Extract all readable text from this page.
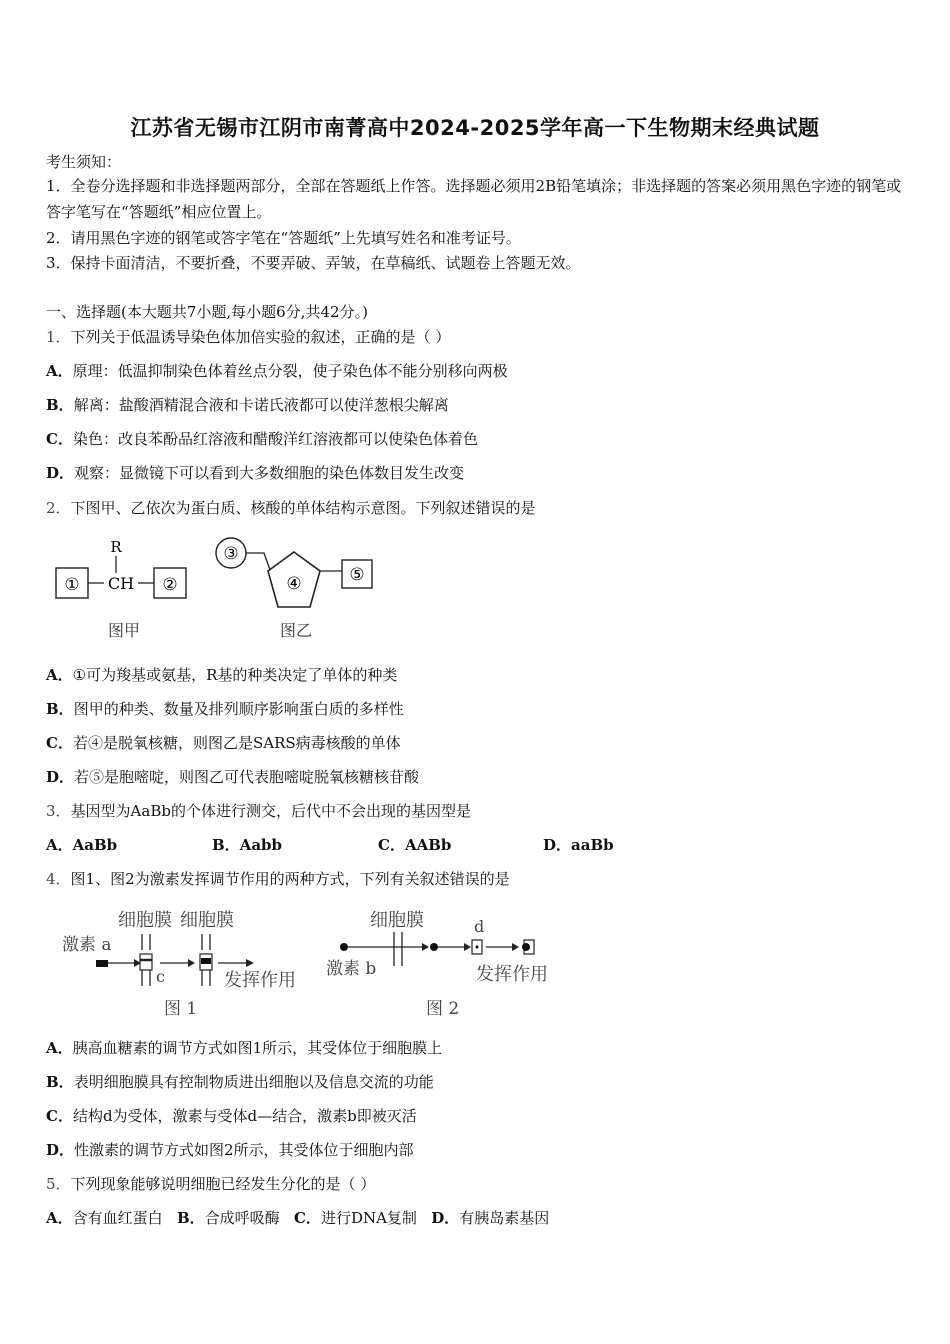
江苏省无锡市江阴市南菁高中2024-2025学年高一下生物期末经典试题
考生须知：
1．全卷分选择题和非选择题两部分，全部在答题纸上作答。选择题必须用2B铅笔填涂；非选择题的答案必须用黑色字迹的钢笔或答字笔写在“答题纸”相应位置上。
2．请用黑色字迹的钢笔或答字笔在“答题纸”上先填写姓名和准考证号。
3．保持卡面清洁，不要折叠，不要弄破、弄皱，在草稿纸、试题卷上答题无效。
一、选择题(本大题共7小题,每小题6分,共42分。)
1．下列关于低温诱导染色体加倍实验的叙述，正确的是（ ）
A．原理：低温抑制染色体着丝点分裂，使子染色体不能分别移向两极
B．解离：盐酸酒精混合液和卡诺氏液都可以使洋葱根尖解离
C．染色：改良苯酚品红溶液和醋酸洋红溶液都可以使染色体着色
D．观察：显微镜下可以看到大多数细胞的染色体数目发生改变
2．下图甲、乙依次为蛋白质、核酸的单体结构示意图。下列叙述错误的是
① CH
R
②
图甲
③
④	⑤
图乙
A．①可为羧基或氨基，R基的种类决定了单体的种类
B．图甲的种类、数量及排列顺序影响蛋白质的多样性
C．若④是脱氧核糖，则图乙是SARS病毒核酸的单体
D．若⑤是胞嘧啶，则图乙可代表胞嘧啶脱氧核糖核苷酸
3．基因型为AaBb的个体进行测交，后代中不会出现的基因型是
A．AaBb	B．Aabb	C．AABb	D．aaBb
4．图1、图2为激素发挥调节作用的两种方式，下列有关叙述错误的是
细胞膜 细胞膜
激素 a
c	发挥作用
图 1
细胞膜
激素 b
d
发挥作用
图 2
A．胰高血糖素的调节方式如图1所示，其受体位于细胞膜上
B．表明细胞膜具有控制物质进出细胞以及信息交流的功能
C．结构d为受体，激素与受体d—结合，激素b即被灭活
D．性激素的调节方式如图2所示，其受体位于细胞内部
5．下列现象能够说明细胞已经发生分化的是（ ）
A．含有血红蛋白 B．合成呼吸酶 C．进行DNA复制 D．有胰岛素基因
